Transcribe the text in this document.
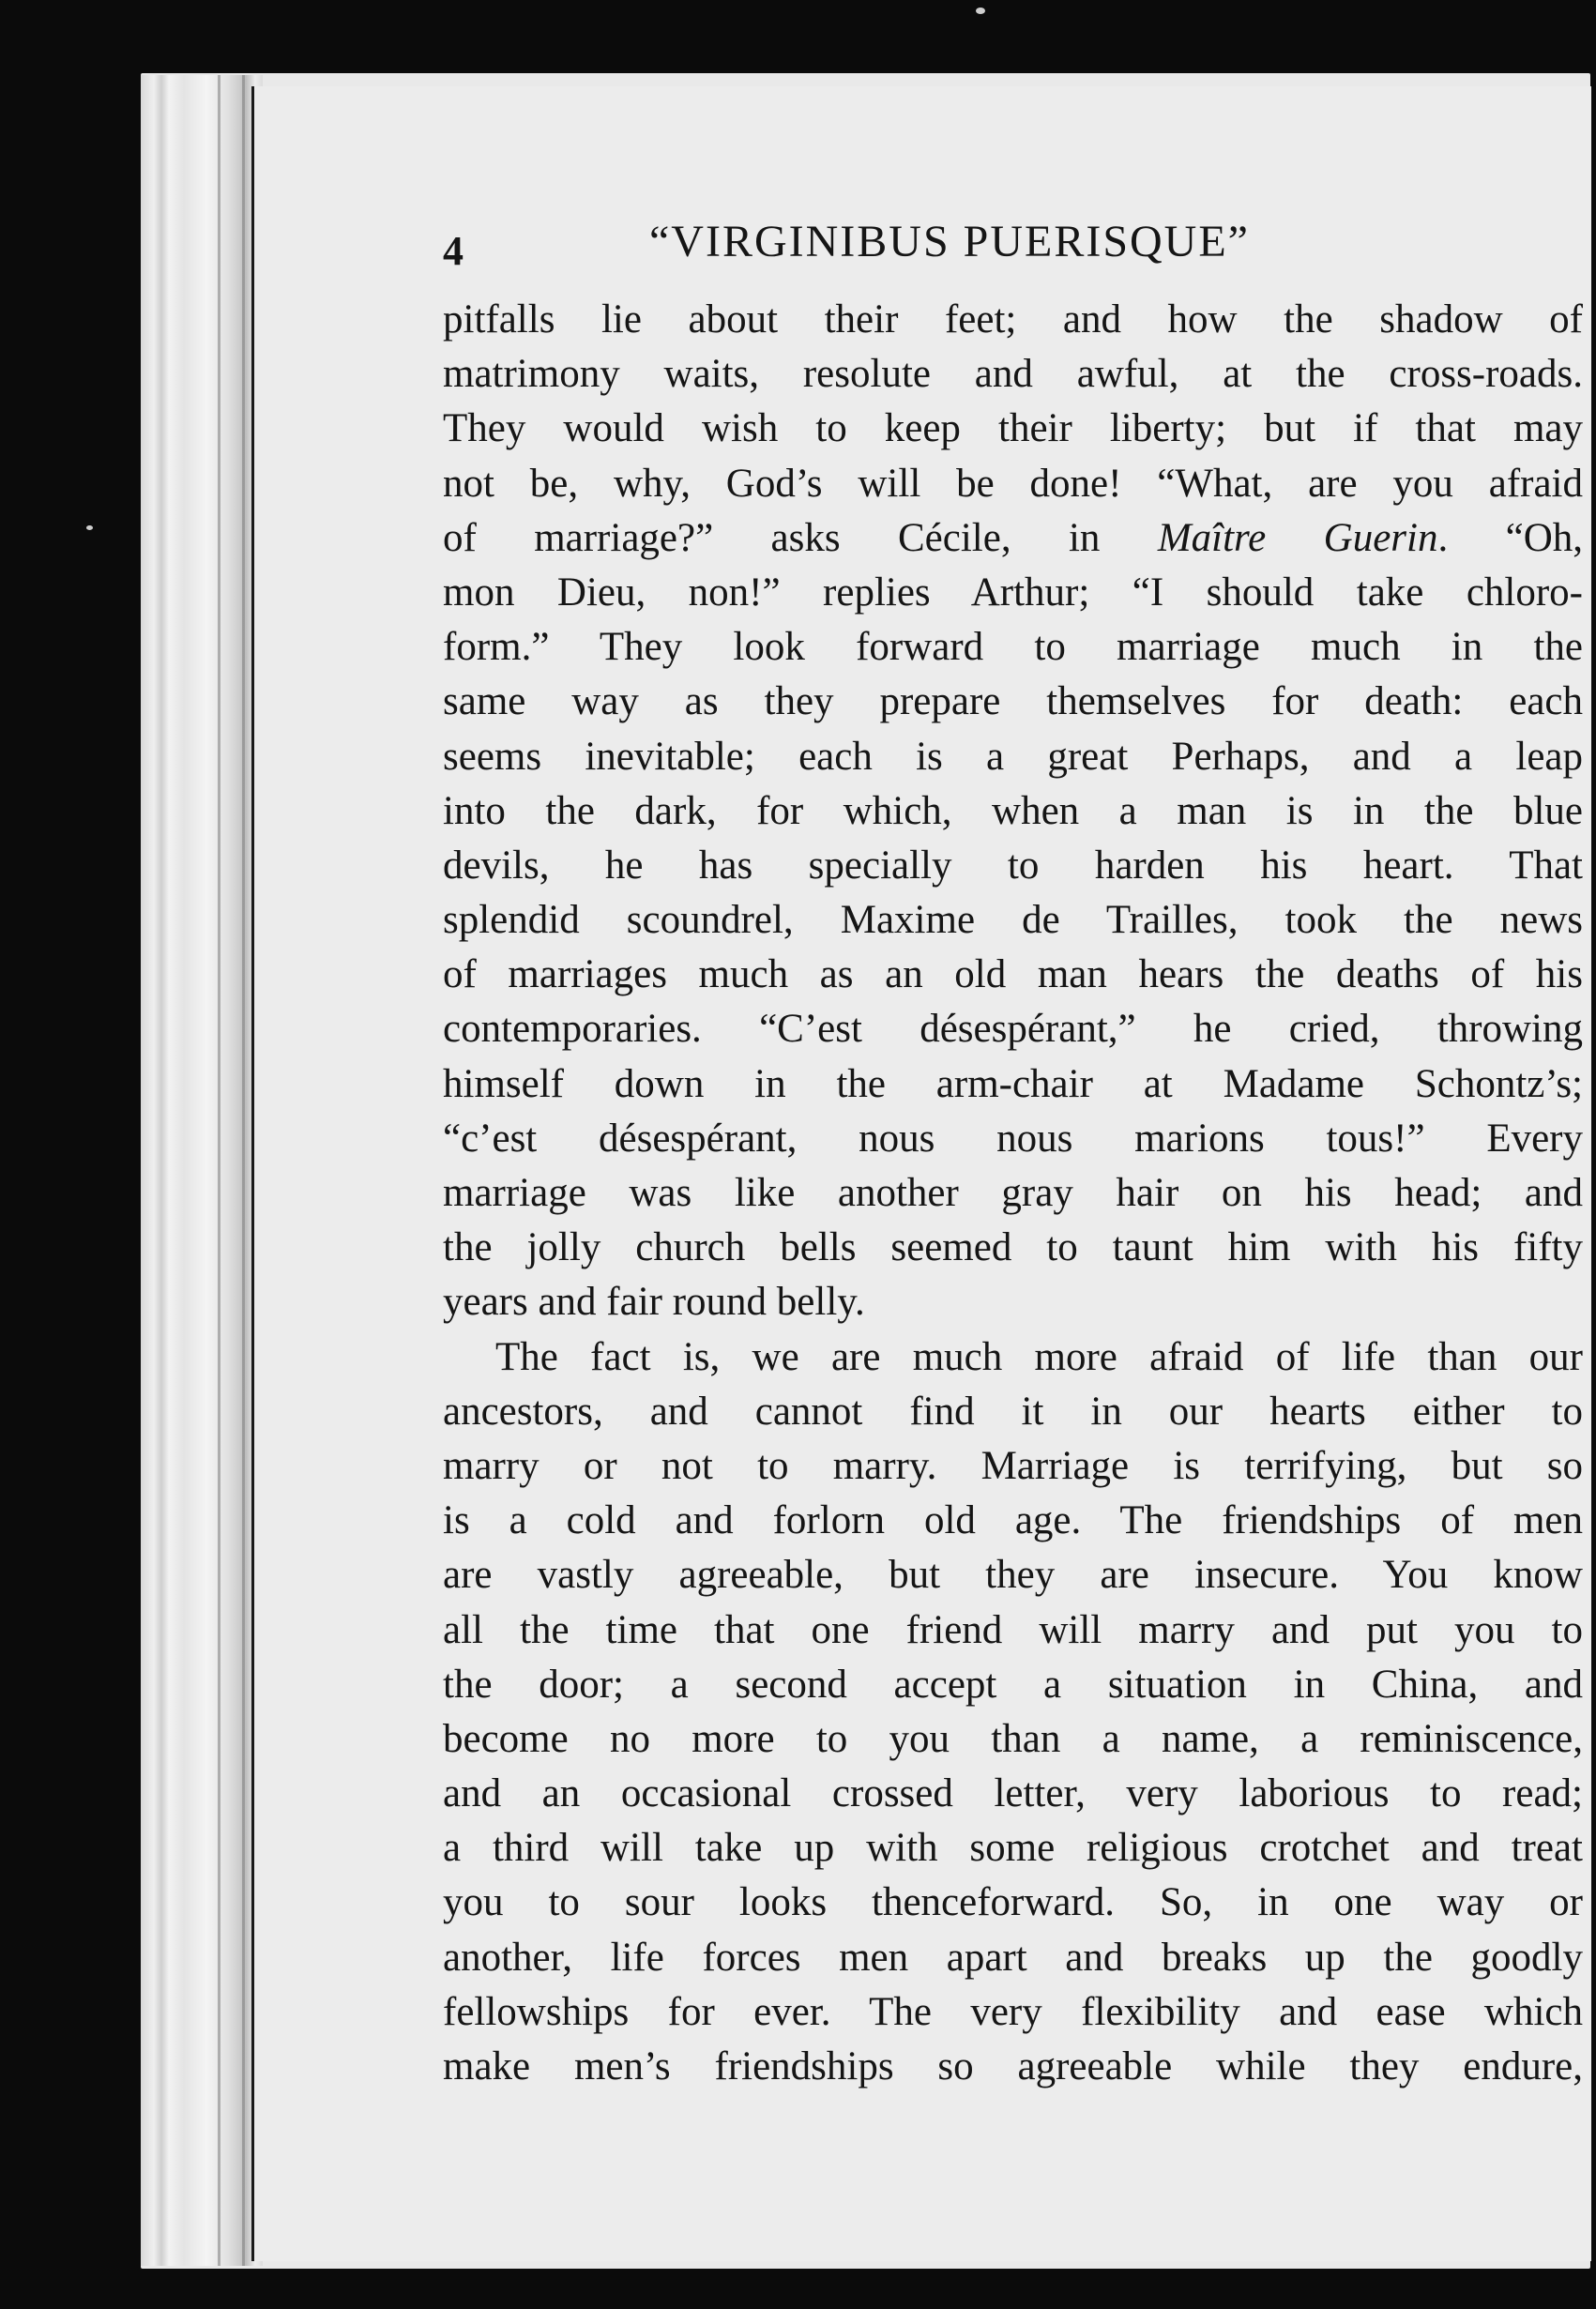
4	“VIRGINIBUS PUERISQUE”

pitfalls lie about their feet; and how the shadow of
matrimony waits, resolute and awful, at the cross-roads.
They would wish to keep their liberty; but if that may
not be, why, God’s will be done! “What, are you afraid
of marriage?” asks Cécile, in Maître Guerin. “Oh,
mon Dieu, non!” replies Arthur; “I should take chloro-
form.” They look forward to marriage much in the
same way as they prepare themselves for death: each
seems inevitable; each is a great Perhaps, and a leap
into the dark, for which, when a man is in the blue
devils, he has specially to harden his heart. That
splendid scoundrel, Maxime de Trailles, took the news
of marriages much as an old man hears the deaths of his
contemporaries. “C’est désespérant,” he cried, throwing
himself down in the arm-chair at Madame Schontz’s;
“c’est désespérant, nous nous marions tous!” Every
marriage was like another gray hair on his head; and
the jolly church bells seemed to taunt him with his fifty
years and fair round belly.
The fact is, we are much more afraid of life than our
ancestors, and cannot find it in our hearts either to
marry or not to marry. Marriage is terrifying, but so
is a cold and forlorn old age. The friendships of men
are vastly agreeable, but they are insecure. You know
all the time that one friend will marry and put you to
the door; a second accept a situation in China, and
become no more to you than a name, a reminiscence,
and an occasional crossed letter, very laborious to read;
a third will take up with some religious crotchet and treat
you to sour looks thenceforward. So, in one way or
another, life forces men apart and breaks up the goodly
fellowships for ever. The very flexibility and ease which
make men’s friendships so agreeable while they endure,
